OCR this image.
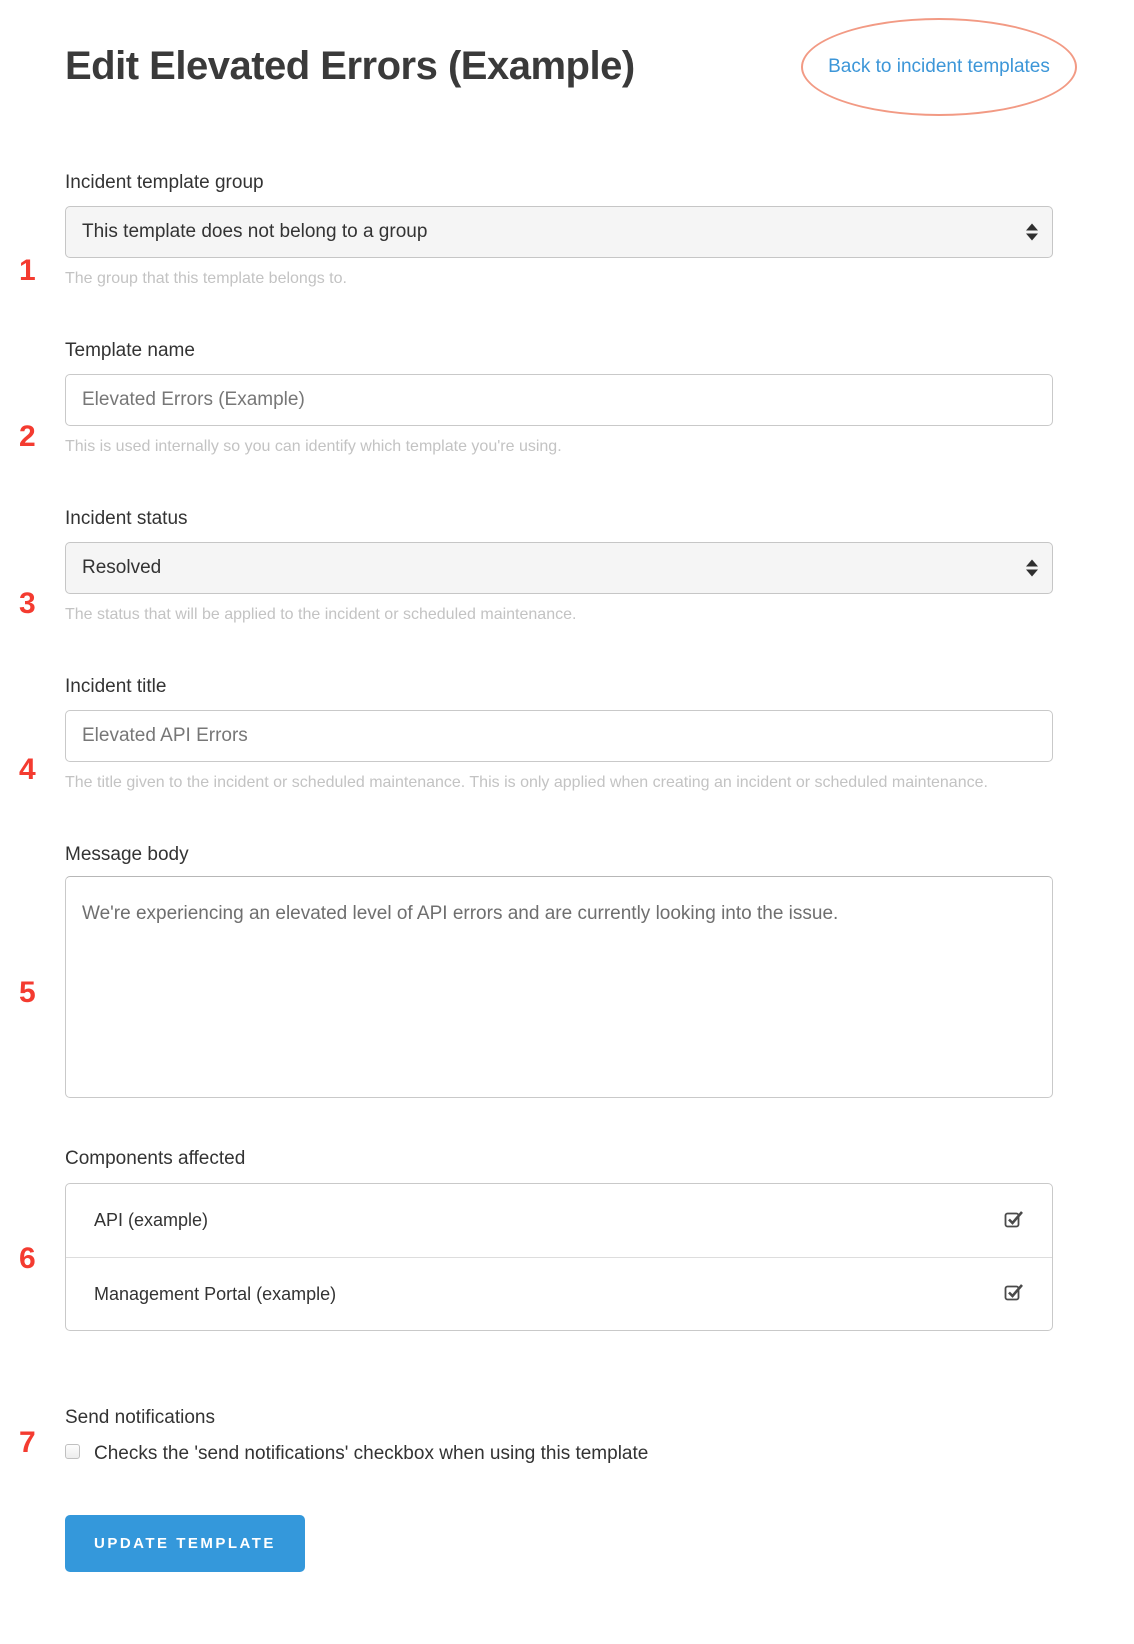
Edit Elevated Errors (Example)	Back to incident templates
Incident template group
This template does not belong to a group
The group that this template belongs to.
Template name
Elevated Errors (Example)
This is used internally so you can identify which template you're using.
Incident status
Resolved
The status that will be applied to the incident or scheduled maintenance.
Incident title
Elevated API Errors
The title given to the incident or scheduled maintenance. This is only applied when creating an incident or scheduled maintenance.
Message body
We're experiencing an elevated level of API errors and are currently looking into the issue.
Components affected
API (example)
Management Portal (example)
Send notifications
Checks the 'send notifications' checkbox when using this template
UPDATE TEMPLATE
1
2
3
4
5
6
7
